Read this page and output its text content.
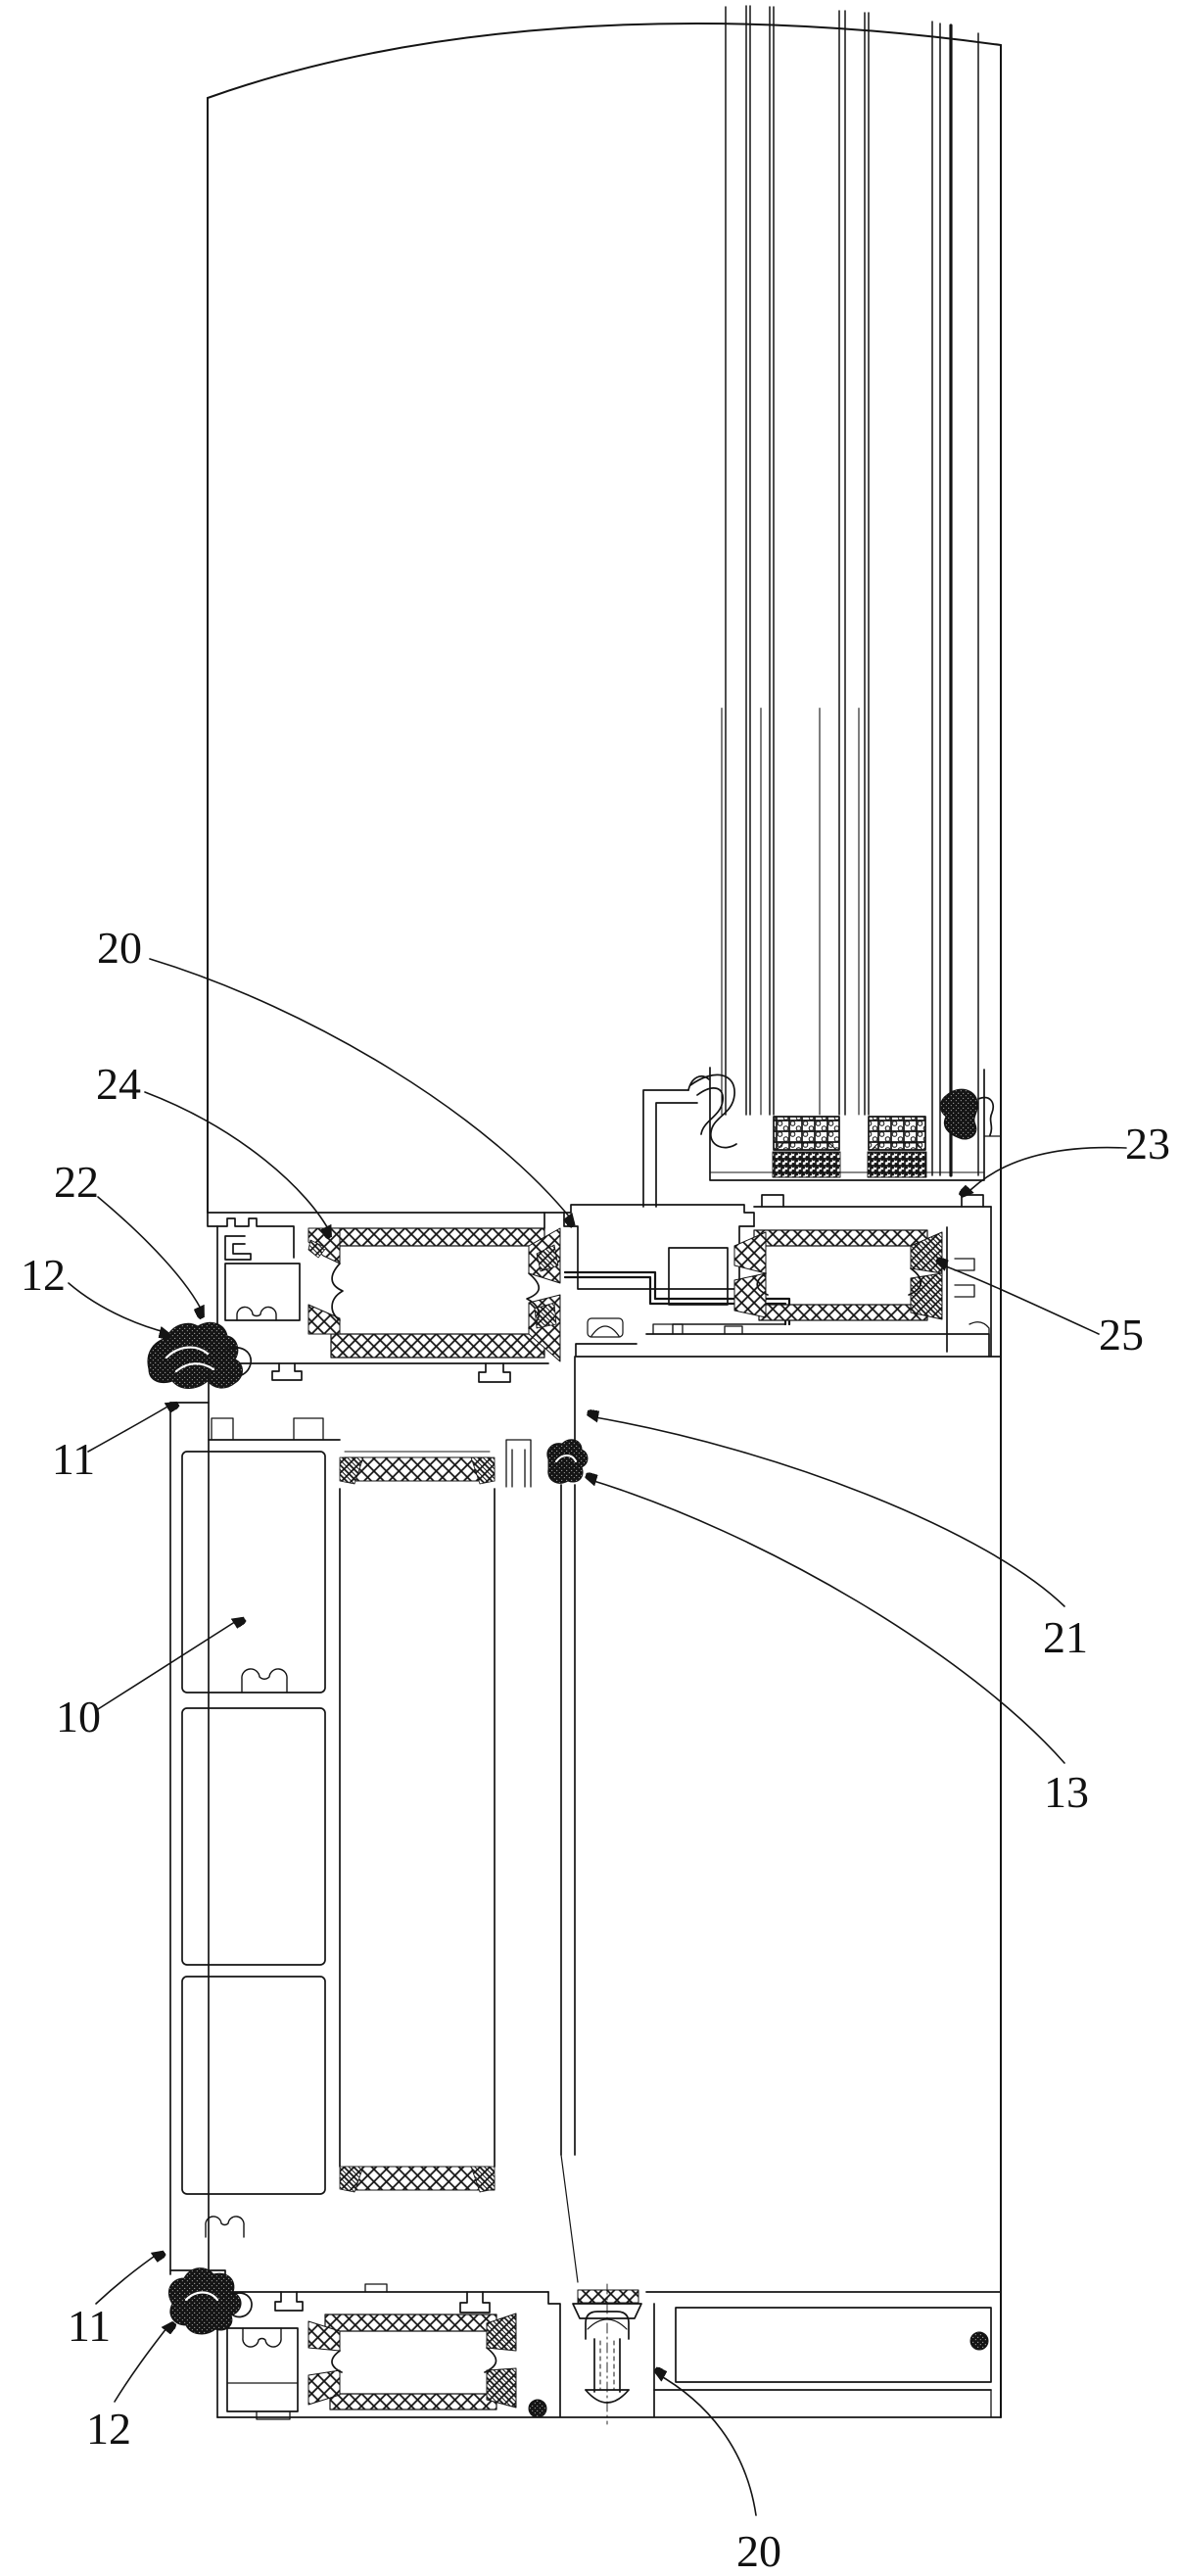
20
24
22
12
23
25
11
10
21
13
11
12
20
